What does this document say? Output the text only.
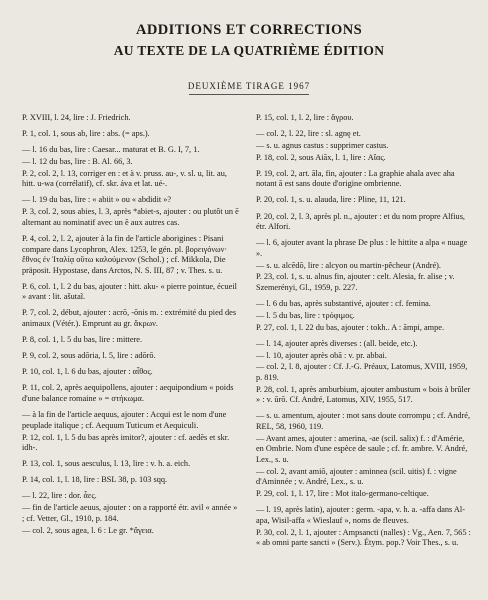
ADDITIONS ET CORRECTIONS
AU TEXTE DE LA QUATRIÈME ÉDITION
DEUXIÈME TIRAGE 1967

P. XVIII, l. 24, lire : J. Friedrich.

P. 1, col. 1, sous ab, lire : abs. (= aps.).

— l. 16 du bas, lire : Caesar... maturat et B. G. I, 7, 1.

— l. 12 du bas, lire : B. Al. 66, 3.

P. 2, col. 2, l. 13, corriger en : et à v. pruss. au-, v. sl. u, lit. au, hitt. u-wa (corrélatif), cf. skr. áva et lat. ué-.

— l. 19 du bas, lire : « abiit » ou « abdidit »?

P. 3, col. 2, sous abies, l. 3, après *abiet-s, ajouter : ou plutôt un ē alternant au nominatif avec un ĕ aux autres cas.

P. 4, col. 2, l. 2, ajouter à la fin de l'article aborigines : Pisani compare dans Lycophron, Alex. 1253, le gén. pl. βορειγόνων· ἔθνος ἐν Ἰταλίᾳ οὕτω καλούμενον (Schol.) ; cf. Mikkola, Die präposit. Hypostase, dans Arctos, N. S. III, 87 ; v. Thes. s. u.

P. 6, col. 1, l. 2 du bas, ajouter : hitt. aku- « pierre pointue, écueil » avant : lit. ašutaĩ.

P. 7, col. 2, début, ajouter : acrō, -ōnis m. : extrémité du pied des animaux (Vétér.). Emprunt au gr. ἄκρων.

P. 8, col. 1, l. 5 du bas, lire : mittere.

P. 9, col. 2, sous adōria, l. 5, lire : adōrō.

P. 10, col. 1, l. 6 du bas, ajouter : αἶθος.

P. 11, col. 2, après aequipollens, ajouter : aequipondium « poids d'une balance romaine » = στήκωμα.

— à la fin de l'article aequus, ajouter : Acqui est le nom d'une peuplade italique ; cf. Aequum Tuticum et Aequiculi.

P. 12, col. 1, l. 5 du bas après imitor?, ajouter : cf. aedēs et skr. idh-.

P. 13, col. 1, sous aesculus, l. 13, lire : v. h. a. eich.

P. 14, col. 1, l. 18, lire : BSL 38, p. 103 sqq.

— l. 22, lire : dor. ἆες.

— fin de l'article aeuus, ajouter : on a rapporté étr. avil « année » ; cf. Vetter, Gl., 1910, p. 184.

— col. 2, sous agea, l. 6 : Le gr. *ἄγεια.

P. 15, col. 1, l. 2, lire : ἄγρου.

— col. 2, l. 22, lire : sl. agnę et.

— s. u. agnus castus : supprimer castus.

P. 18, col. 2, sous Aiāx, l. 1, lire : Αἴας.

P. 19, col. 2, art. āla, fin, ajouter : La graphie ahala avec aha notant ā est sans doute d'origine ombrienne.

P. 20, col. 1, s. u. alauda, lire : Pline, 11, 121.

P. 20, col. 2, l. 3, après pl. n., ajouter : et du nom propre Alfius, étr. Alfori.

— l. 6, ajouter avant la phrase De plus : le hittite a alpa « nuage ».

— s. u. alcēdō, lire : alcyon ou martin-pêcheur (André).

P. 23, col. 1, s. u. alnus fin, ajouter : celt. Alesia, fr. alise ; v. Szemerényi, Gl., 1959, p. 227.

— l. 6 du bas, après substantivé, ajouter : cf. femina.

— l. 5 du bas, lire : τρόφιμος.

P. 27, col. 1, l. 22 du bas, ajouter : tokh.. A : āmpi, ampe.

— l. 14, ajouter après diverses : (all. beide, etc.).

— l. 10, ajouter après obā : v. pr. abbai.

— col. 2, l. 8, ajouter : Cf. J.-G. Préaux, Latomus, XVIII, 1959, p. 819.

P. 28, col. 1, après amburbium, ajouter ambustum « bois à brûler » : v. ūrō. Cf. André, Latomus, XIV, 1955, 517.

— s. u. amentum, ajouter : mot sans doute corrompu ; cf. André, REL, 58, 1960, 119.

— Avant ames, ajouter : amerina, -ae (scil. salix) f. : d'Amérie, en Ombrie. Nom d'une espèce de saule ; cf. fr. ambre. V. André, Lex., s. u.

— col. 2, avant amiō, ajouter : aminnea (scil. uitis) f. : vigne d'Aminnée ; v. André, Lex., s. u.

P. 29, col. 1, l. 17, lire : Mot italo-germano-celtique.

— l. 19, après latin), ajouter : germ. -apa, v. h. a. -affa dans Al-apa, Wisil-affa « Wieslauf », noms de fleuves.

P. 30, col. 2, l. 1, ajouter : Ampsancti (nalles) : Vg., Aen. 7, 565 : « ab omni parte sancti » (Serv.). Étym. pop.? Voir Thes., s. u.
